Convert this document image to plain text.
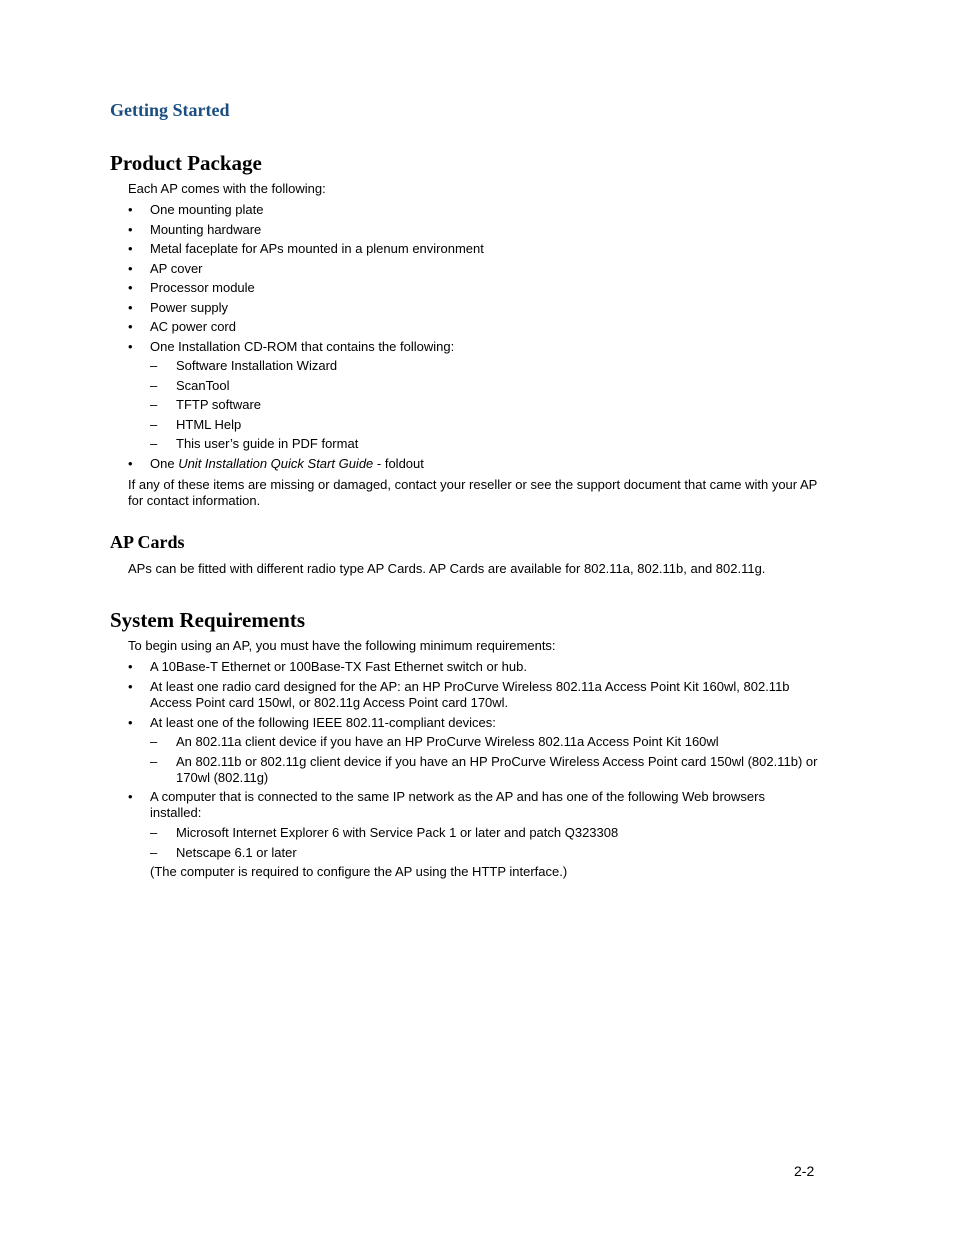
Getting Started
Product Package

Each AP comes with the following:

•	One mounting plate
•	Mounting hardware
•	Metal faceplate for APs mounted in a plenum environment
•	AP cover
•	Processor module
•	Power supply
•	AC power cord
•	One Installation CD-ROM that contains the following:
–	Software Installation Wizard
–	ScanTool
–	TFTP software
–	HTML Help
–	This user’s guide in PDF format
•	One Unit Installation Quick Start Guide - foldout

If any of these items are missing or damaged, contact your reseller or see the support document that came with your AP for contact information.

AP Cards

APs can be fitted with different radio type AP Cards. AP Cards are available for 802.11a, 802.11b, and 802.11g.

System Requirements

To begin using an AP, you must have the following minimum requirements:

•	A 10Base-T Ethernet or 100Base-TX Fast Ethernet switch or hub.
•	At least one radio card designed for the AP: an HP ProCurve Wireless 802.11a Access Point Kit 160wl, 802.11b Access Point card 150wl, or 802.11g Access Point card 170wl.
•	At least one of the following IEEE 802.11-compliant devices:
–	An 802.11a client device if you have an HP ProCurve Wireless 802.11a Access Point Kit 160wl
–	An 802.11b or 802.11g client device if you have an HP ProCurve Wireless Access Point card 150wl (802.11b) or 170wl (802.11g)
•	A computer that is connected to the same IP network as the AP and has one of the following Web browsers installed:
–	Microsoft Internet Explorer 6 with Service Pack 1 or later and patch Q323308
–	Netscape 6.1 or later

(The computer is required to configure the AP using the HTTP interface.)

2-2
